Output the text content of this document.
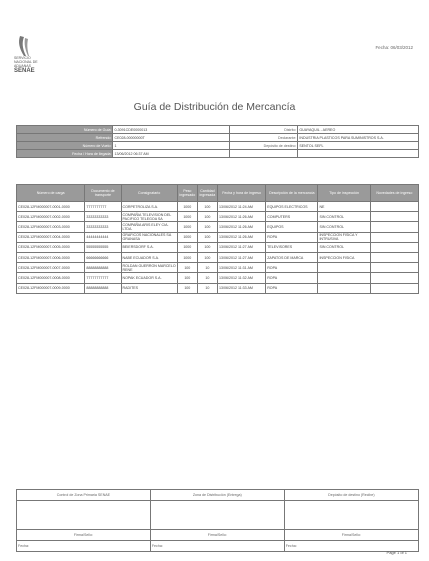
SERVICIO
NACIONAL DE
ADUANAS
SENAE
Fecha: 06/03/2012
Guía de Distribución de Mercancía
Número de Guía:	0-3091CDE0000013	Distrito:	GUAYAQUIL - AEREO
Refrendo:	CE028-00000000T	Declarante:	INDUSTRIA PLASTICOS PARA SUMINISTROS S.A.
Número de Vuelo:	1	Depósito de destino:	SENTOL SEFL
Fecha / Hora de llegada:	13/06/2012 06:37 AM		
Número de carga	Documento de transporte	Consignatario	Peso ingresado	Cantidad ingresada	Fecha y hora de ingreso	Descripción de la mercancía	Tipo de inspección	Novedades de ingreso
CE028-12FM000007-0001-0000	7777777777	CORPETROLIZA S.A.	1000	100	13/06/2012 11:24 AM	EQUIPOS ELECTRICOS	NE	
CE028-12FM000007-0002-0000	33333333333	COMPAÑIA TELEVISION DEL PACIFICO TELEGOA SA	1000	100	13/06/2012 11:26 AM	COMPUTERS	SIN CONTROL	
CE028-12FM000007-0003-0000	33333333333	COMPAÑIA ARIS ELEY CIA. LTDA.	1000	100	13/06/2012 11:26 AM	EQUIPOS	SIN CONTROL	
CE028-12FM000007-0004-0000	44444444444	GRAFICOS NACIONALES SA GRANASA	1000	100	13/06/2012 11:26 AM	ROPA	INSPECCION FISICA Y INTRUSIVA	
CE028-12FM000007-0005-0000	55555555555	BEIERSDORF S.A.	1000	100	13/06/2012 11:27 AM	TELEVISORES	SIN CONTROL	
CE028-12FM000007-0006-0000	66666666666	NABE ECUADOR S.A.	1000	100	13/06/2012 11:27 AM	ZAPATOS DE MARCA	INSPECCION FISICA	
CE028-12FM000007-0007-0000	88888888888	ROLDAN GUERRON MARCELO RENE	100	10	13/06/2012 11:31 AM	ROPA		
CE028-12FM000007-0008-0000	77777777777	NOPAK ECUADOR S.A.	100	10	13/06/2012 11:32 AM	ROPA		
CE028-12FM000007-0009-0000	88888888888	RADITES	100	10	13/06/2012 11:33 AM	ROPA		
Control de Zona Primaria SENAE	Zona de Distribución (Entrega)	Depósito de destino (Recibe)

Firma/Sello:	Firma/Sello:	Firma/Sello:
Fecha:	Fecha:	Fecha:
Page 1 of 1
